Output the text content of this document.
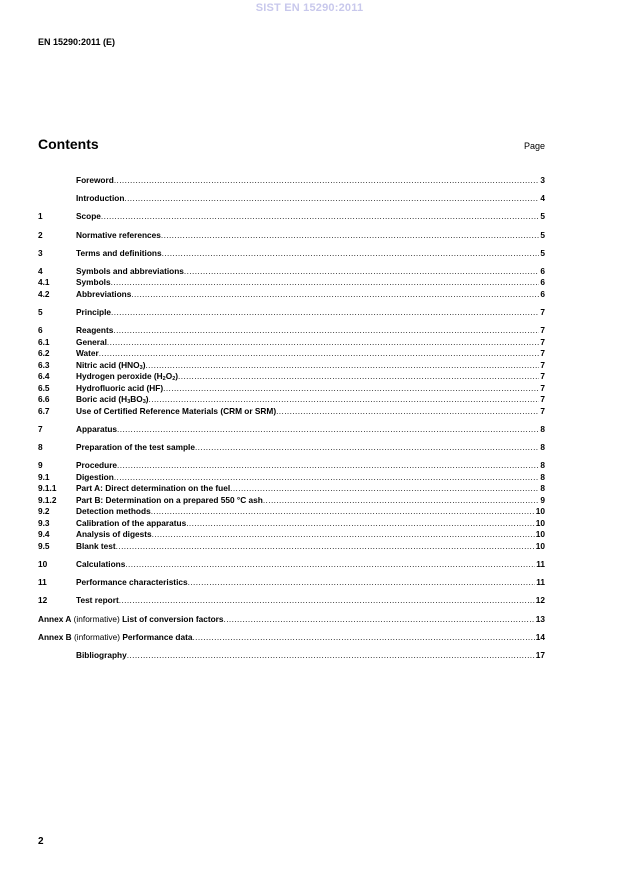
SIST EN 15290:2011
EN 15290:2011 (E)
Contents	Page
Foreword .....	3
Introduction .....	4
1	Scope .....	5
2	Normative references .....	5
3	Terms and definitions .....	5
4	Symbols and abbreviations .....	6
4.1	Symbols .....	6
4.2	Abbreviations .....	6
5	Principle .....	7
6	Reagents .....	7
6.1	General .....	7
6.2	Water .....	7
6.3	Nitric acid $(HNO_3)$ .....	7
6.4	Hydrogen peroxide $(H_2O_2)$ .....	7
6.5	Hydrofluoric acid (HF) .....	7
6.6	Boric acid $(H_3BO_3)$ .....	7
6.7	Use of Certified Reference Materials (CRM or SRM) .....	7
7	Apparatus .....	8
8	Preparation of the test sample .....	8
9	Procedure .....	8
9.1	Digestion .....	8
9.1.1	Part A: Direct determination on the fuel .....	8
9.1.2	Part B: Determination on a prepared 550 °C ash .....	9
9.2	Detection methods .....	10
9.3	Calibration of the apparatus .....	10
9.4	Analysis of digests .....	10
9.5	Blank test .....	10
10	Calculations .....	11
11	Performance characteristics .....	11
12	Test report .....	12
Annex A (informative) List of conversion factors .....	13
Annex B (informative) Performance data .....	14
Bibliography .....	17
2
